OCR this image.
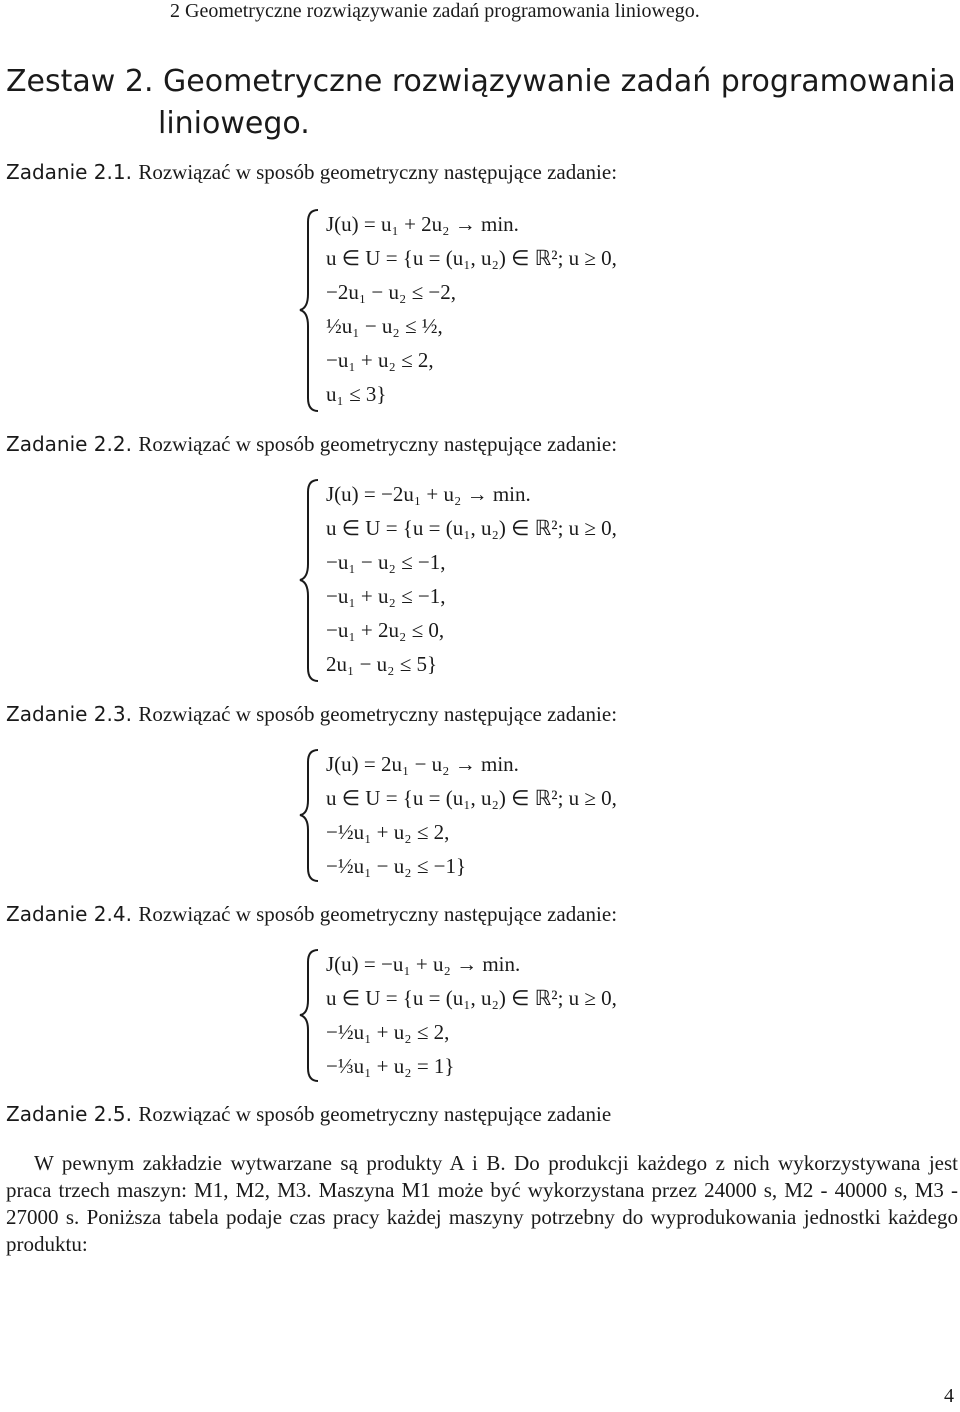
2 Geometryczne rozwiązywanie zadań programowania liniowego.
Zestaw 2. Geometryczne rozwiązywanie zadań programowania
liniowego.
Zadanie 2.1. Rozwiązać w sposób geometryczny następujące zadanie:
J(u) = u₁ + 2u₂ → min.
u ∈ U = {u = (u₁, u₂) ∈ ℝ²; u ≥ 0,
−2u₁ − u₂ ≤ −2,
½u₁ − u₂ ≤ ½,
−u₁ + u₂ ≤ 2,
u₁ ≤ 3}
Zadanie 2.2. Rozwiązać w sposób geometryczny następujące zadanie:
J(u) = −2u₁ + u₂ → min.
u ∈ U = {u = (u₁, u₂) ∈ ℝ²; u ≥ 0,
−u₁ − u₂ ≤ −1,
−u₁ + u₂ ≤ −1,
−u₁ + 2u₂ ≤ 0,
2u₁ − u₂ ≤ 5}
Zadanie 2.3. Rozwiązać w sposób geometryczny następujące zadanie:
J(u) = 2u₁ − u₂ → min.
u ∈ U = {u = (u₁, u₂) ∈ ℝ²; u ≥ 0,
−½u₁ + u₂ ≤ 2,
−½u₁ − u₂ ≤ −1}
Zadanie 2.4. Rozwiązać w sposób geometryczny następujące zadanie:
J(u) = −u₁ + u₂ → min.
u ∈ U = {u = (u₁, u₂) ∈ ℝ²; u ≥ 0,
−½u₁ + u₂ ≤ 2,
−⅓u₁ + u₂ = 1}
Zadanie 2.5. Rozwiązać w sposób geometryczny następujące zadanie
W pewnym zakładzie wytwarzane są produkty A i B. Do produkcji każdego z nich wykorzystywana jest praca trzech maszyn: M1, M2, M3. Maszyna M1 może być wykorzystana przez 24000 s, M2 - 40000 s, M3 - 27000 s. Poniższa tabela podaje czas pracy każdej maszyny potrzebny do wyprodukowania jednostki każdego produktu:
4
